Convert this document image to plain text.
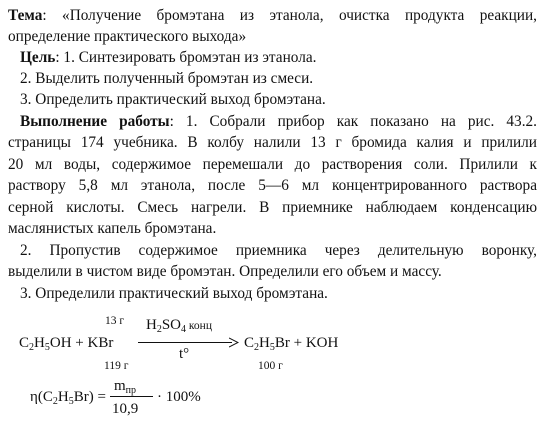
Тема: «Получение бромэтана из этанола, очистка продукта реакции,
определение практического выхода»
Цель: 1. Синтезировать бромэтан из этанола.
2. Выделить полученный бромэтан из смеси.
3. Определить практический выход бромэтана.
Выполнение работы: 1. Собрали прибор как показано на рис. 43.2.
страницы 174 учебника. В колбу налили 13 г бромида калия и прилили
20 мл воды, содержимое перемешали до растворения соли. Прилили к
раствору 5,8 мл этанола, после 5—6 мл концентрированного раствора
серной кислоты. Смесь нагрели. В приемнике наблюдаем конденсацию
маслянистых капель бромэтана.
2. Пропустив содержимое приемника через делительную воронку,
выделили в чистом виде бромэтан. Определили его объем и массу.
3. Определили практический выход бромэтана.
13 г $H_2SO_4$ конц
$C_2H_5OH$ + KBr	$C_2H_5Br$ + KOH
119 г
t°
100 г
$\eta(C_2H_5Br)$ =
$m_{пр}$
10,9
· 100%
